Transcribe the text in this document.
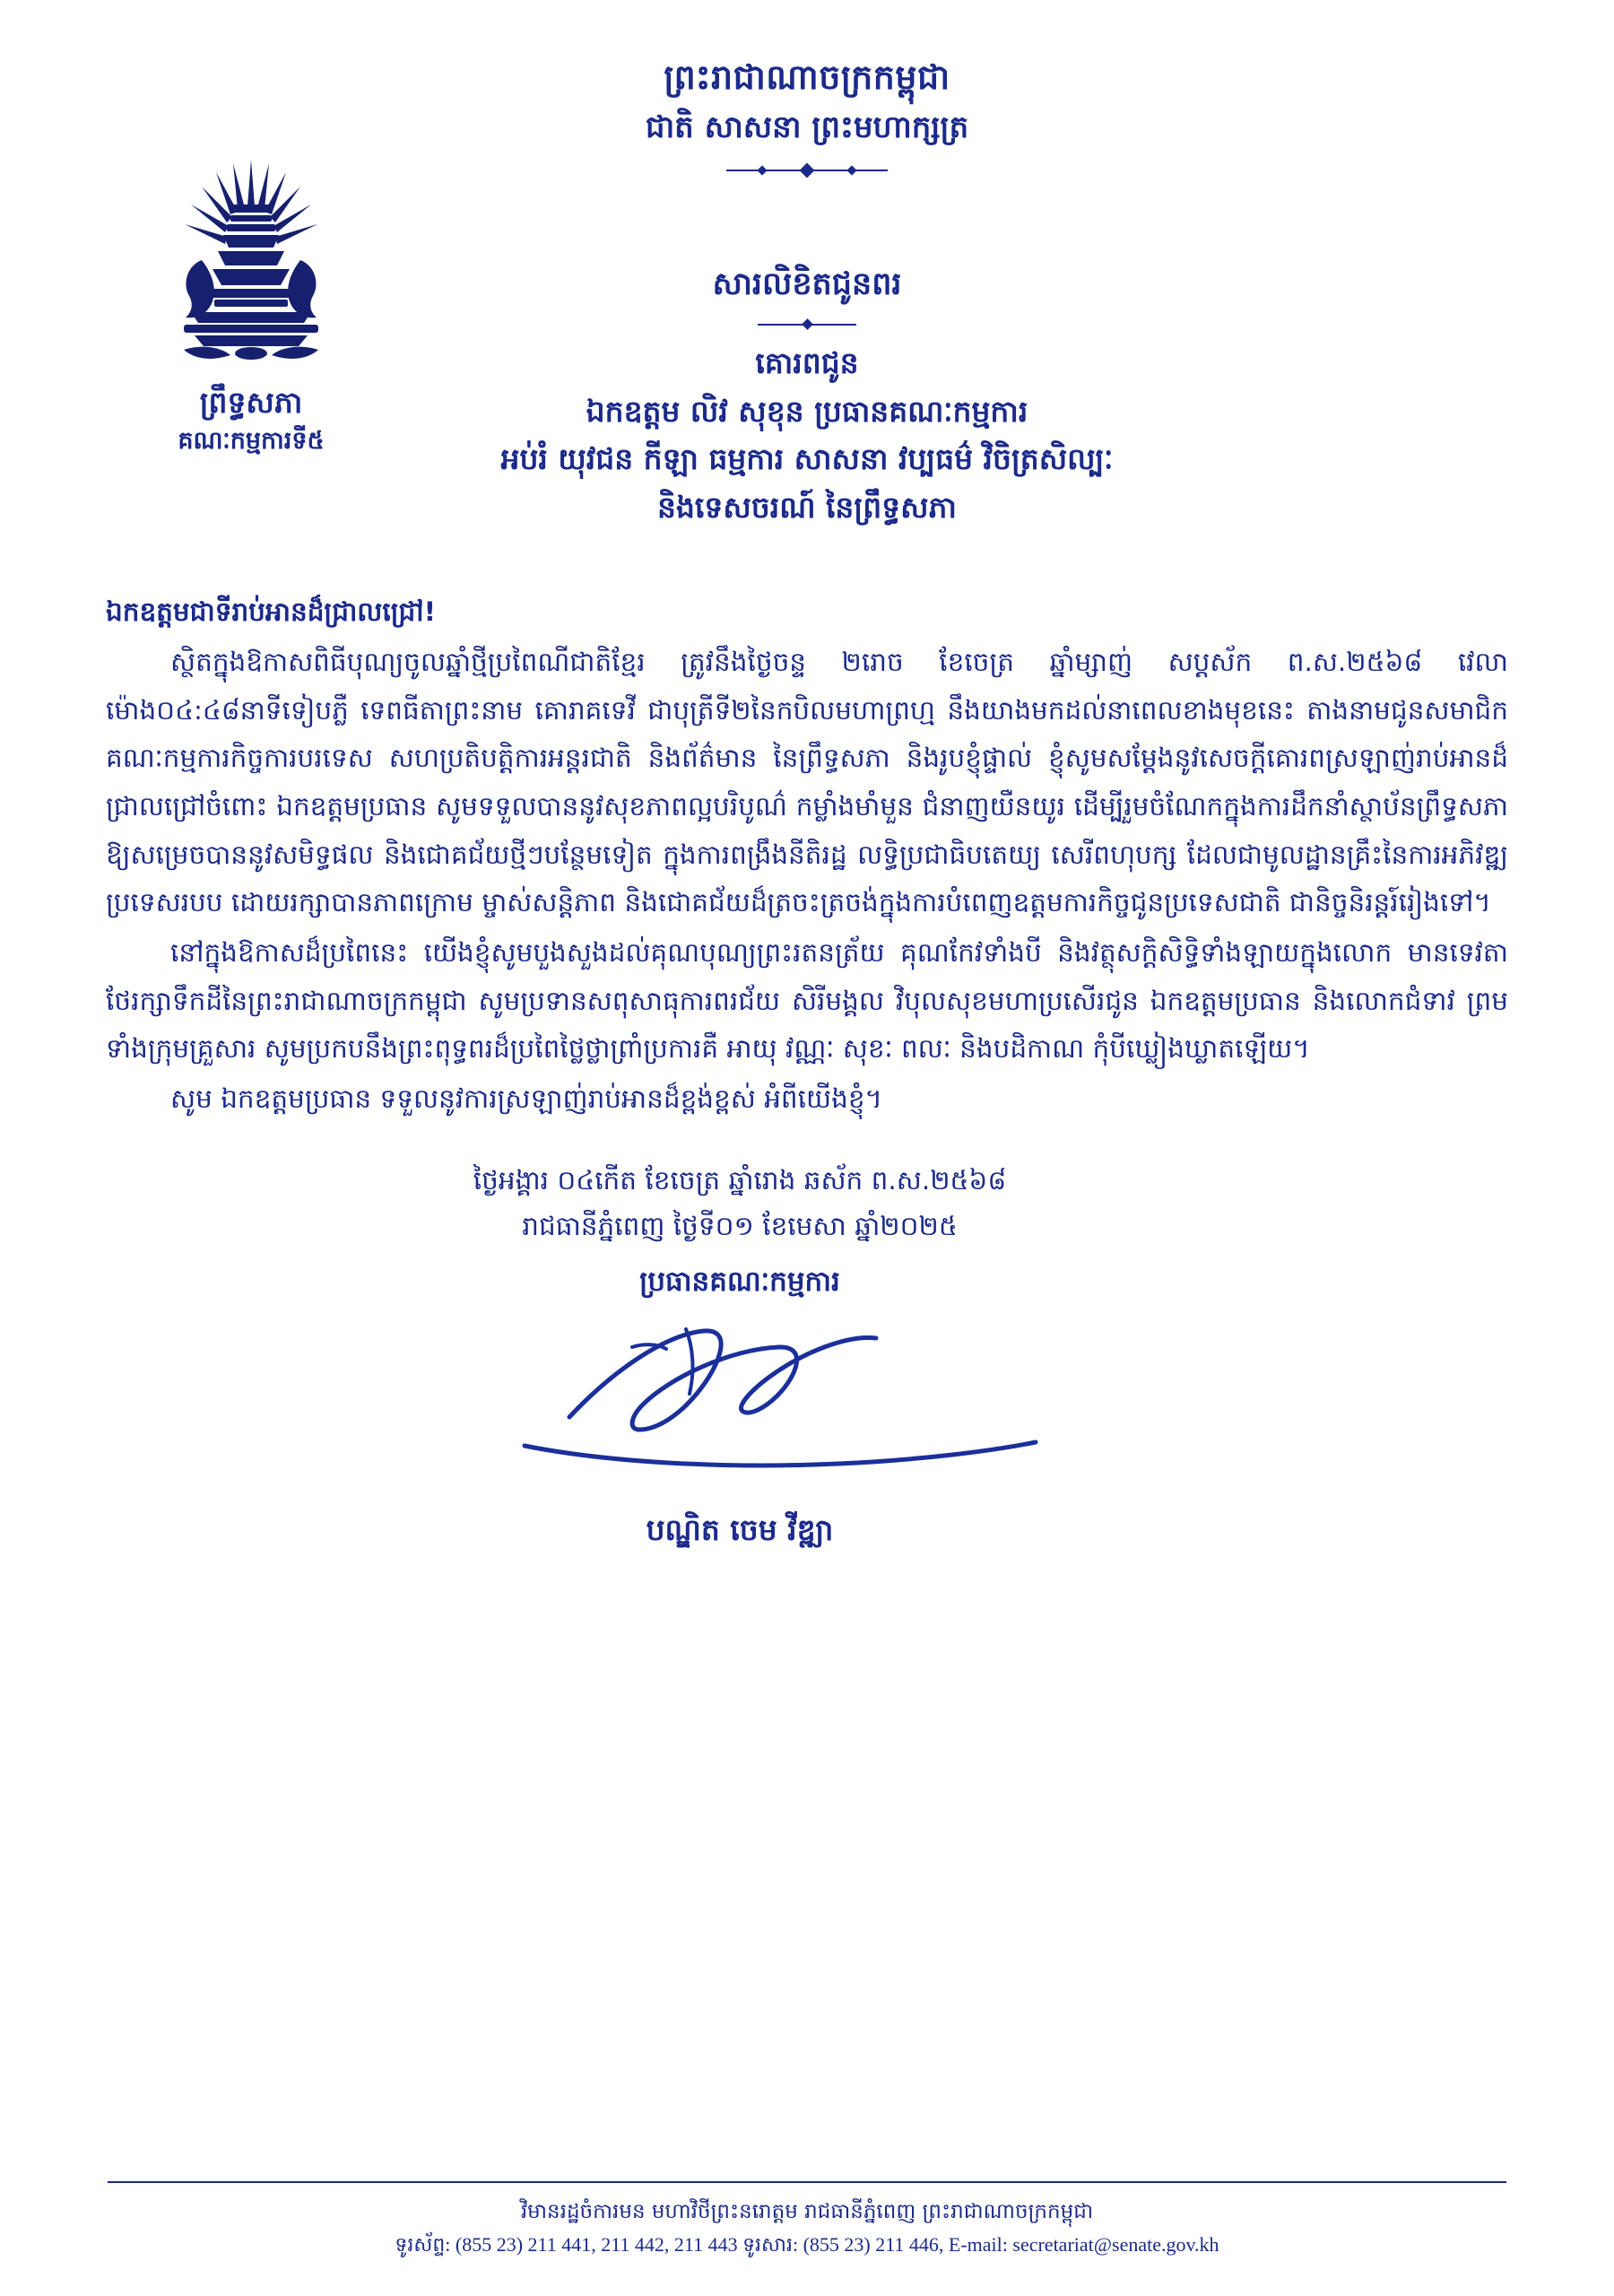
ព្រះរាជាណាចក្រកម្ពុជា
ជាតិ សាសនា ព្រះមហាក្សត្រ
ព្រឹទ្ធសភា
គណៈកម្មការទី៥
សារលិខិតជូនពរ
គោរពជូន
ឯកឧត្តម លិវ សុខុន ប្រធានគណៈកម្មការ
អប់រំ យុវជន កីឡា ធម្មការ សាសនា វប្បធម៌ វិចិត្រសិល្បៈ
និងទេសចរណ៍ នៃព្រឹទ្ធសភា
ឯកឧត្តមជាទីរាប់អានដ៏ជ្រាលជ្រៅ!

ស្ថិតក្នុងឱកាសពិធីបុណ្យចូលឆ្នាំថ្មីប្រពៃណីជាតិខ្មែរ ត្រូវនឹងថ្ងៃចន្ទ ២រោច ខែចេត្រ ឆ្នាំម្សាញ់ សប្តស័ក ព.ស.២៥៦៨ វេលាម៉ោង០៤:៤៨នាទីទៀបភ្លឺ ទេពធីតាព្រះនាម គោរាគទេវី ជាបុត្រីទី២នៃកបិលមហាព្រហ្ម នឹងយាងមកដល់នាពេលខាងមុខនេះ តាងនាមជូនសមាជិកគណៈកម្មការកិច្ចការបរទេស សហប្រតិបត្តិការអន្តរជាតិ និងព័ត៌មាន នៃព្រឹទ្ធសភា និងរូបខ្ញុំផ្ទាល់ ខ្ញុំសូមសម្តែងនូវសេចក្តីគោរពស្រឡាញ់រាប់អានដ៏ជ្រាលជ្រៅចំពោះ ឯកឧត្តមប្រធាន សូមទទួលបាននូវសុខភាពល្អបរិបូណ៌ កម្លាំងមាំមួន ជំនាញយឺនយូរ ដើម្បីរួមចំណែកក្នុងការដឹកនាំស្ថាប័នព្រឹទ្ធសភាឱ្យសម្រេចបាននូវសមិទ្ធផល និងជោគជ័យថ្មីៗបន្ថែមទៀត ក្នុងការពង្រឹងនីតិរដ្ឋ លទ្ធិប្រជាធិបតេយ្យ សេរីពហុបក្ស ដែលជាមូលដ្ឋានគ្រឹះនៃការអភិវឌ្ឍប្រទេសរបប ដោយរក្សាបានភាពក្រោម ម្ចាស់សន្តិភាព និងជោគជ័យដ៏ត្រចះត្រចង់ក្នុងការបំពេញឧត្តមការកិច្ចជូនប្រទេសជាតិ ជានិច្ចនិរន្តរ៍រៀងទៅ។

នៅក្នុងឱកាសដ៏ប្រពៃនេះ យើងខ្ញុំសូមបួងសួងដល់គុណបុណ្យព្រះរតនត្រ័យ គុណកែវទាំងបី និងវត្ថុសក្តិសិទ្ធិទាំងឡាយក្នុងលោក មានទេវតាថែរក្សាទឹកដីនៃព្រះរាជាណាចក្រកម្ពុជា សូមប្រទានសពុសាធុការពរជ័យ សិរីមង្គល វិបុលសុខមហាប្រសើរជូន ឯកឧត្តមប្រធាន និងលោកជំទាវ ព្រមទាំងក្រុមគ្រួសារ សូមប្រកបនឹងព្រះពុទ្ធពរដ៏ប្រពៃថ្លៃថ្លាព្រាំប្រការគឺ អាយុ វណ្ណៈ សុខៈ ពលៈ និងបដិកាណ កុំបីឃ្លៀងឃ្លាតឡើយ។

សូម ឯកឧត្តមប្រធាន ទទួលនូវការស្រឡាញ់រាប់អានដ៏ខ្ពង់ខ្ពស់ អំពីយើងខ្ញុំ។

ថ្ងៃអង្គារ ០៤កើត ខែចេត្រ ឆ្នាំរោង ឆស័ក ព.ស.២៥៦៨
រាជធានីភ្នំពេញ ថ្ងៃទី០១ ខែមេសា ឆ្នាំ២០២៥
ប្រធានគណៈកម្មការ
បណ្ឌិត ចេម វីឌ្ឍា
វិមានរដ្ឋចំការមន មហាវិថីព្រះនរោត្តម រាជធានីភ្នំពេញ ព្រះរាជាណាចក្រកម្ពុជា
ទូរស័ព្ទ: (855 23) 211 441, 211 442, 211 443 ទូរសារ: (855 23) 211 446, E-mail: secretariat@senate.gov.kh
